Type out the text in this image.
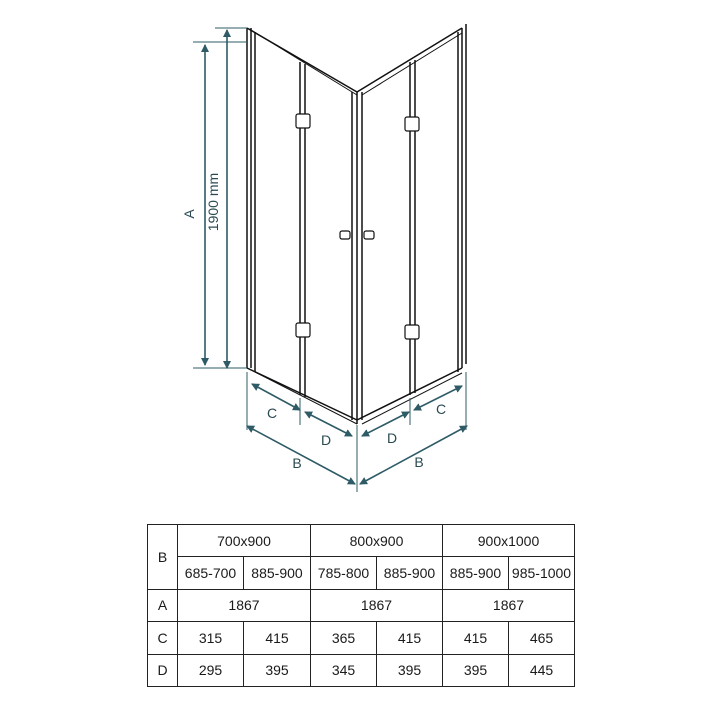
A 1900 mm
C
D
B
C
D
B
B	700x900		800x900		900x1000	
	685-700	885-900	785-800	885-900	885-900	985-1000
A	1867		1867		1867	
C	315	415	365	415	415	465
D	295	395	345	395	395	445
